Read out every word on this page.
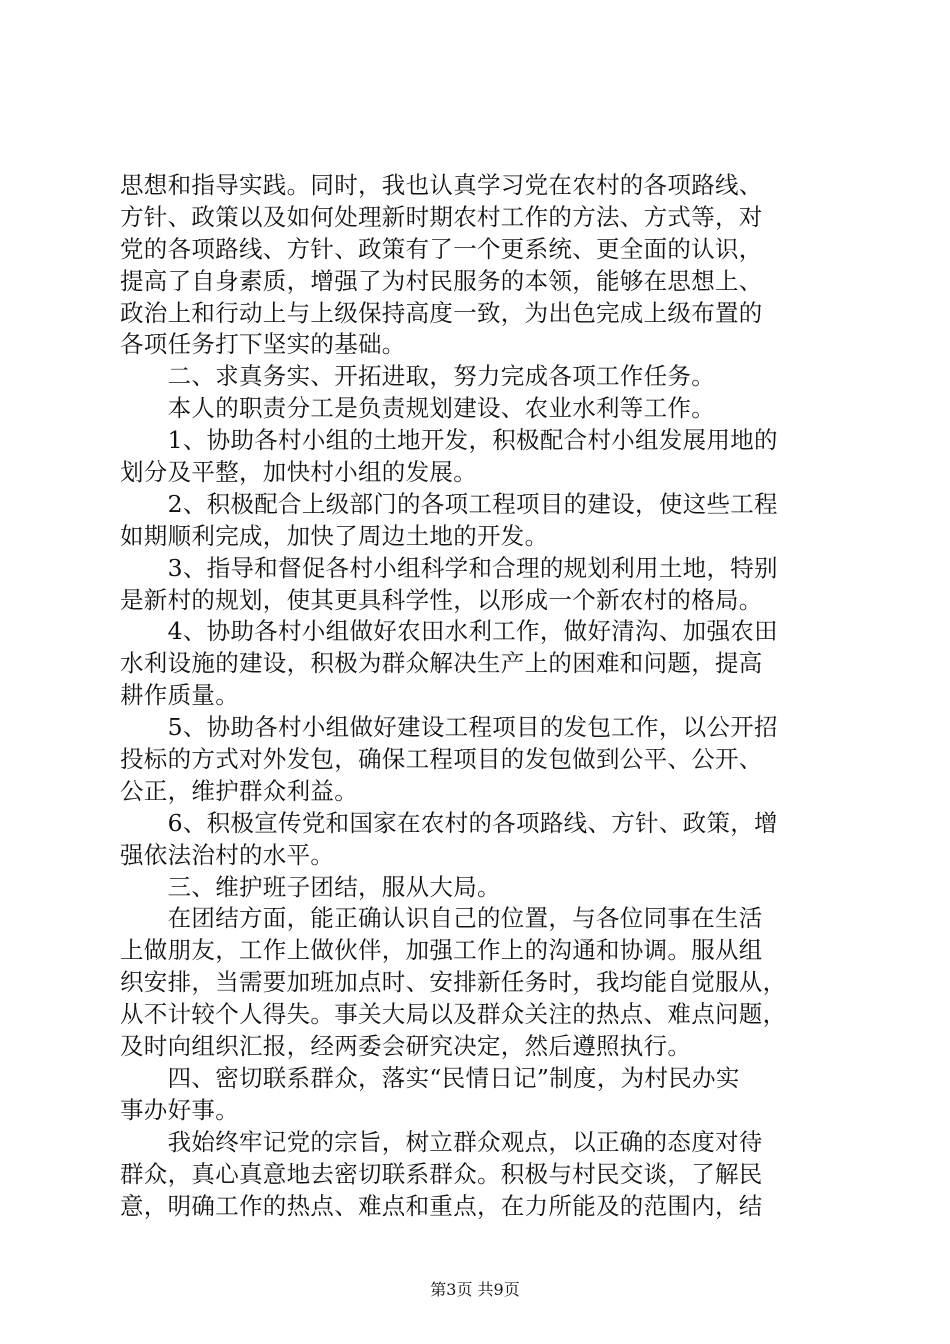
思想和指导实践。同时，我也认真学习党在农村的各项路线、
方针、政策以及如何处理新时期农村工作的方法、方式等，对
党的各项路线、方针、政策有了一个更系统、更全面的认识，
提高了自身素质，增强了为村民服务的本领，能够在思想上、
政治上和行动上与上级保持高度一致，为出色完成上级布置的
各项任务打下坚实的基础。
　　二、求真务实、开拓进取，努力完成各项工作任务。
　　本人的职责分工是负责规划建设、农业水利等工作。
　　1、协助各村小组的土地开发，积极配合村小组发展用地的
划分及平整，加快村小组的发展。
　　2、积极配合上级部门的各项工程项目的建设，使这些工程
如期顺利完成，加快了周边土地的开发。
　　3、指导和督促各村小组科学和合理的规划利用土地，特别
是新村的规划，使其更具科学性，以形成一个新农村的格局。
　　4、协助各村小组做好农田水利工作，做好清沟、加强农田
水利设施的建设，积极为群众解决生产上的困难和问题，提高
耕作质量。
　　5、协助各村小组做好建设工程项目的发包工作，以公开招
投标的方式对外发包，确保工程项目的发包做到公平、公开、
公正，维护群众利益。
　　6、积极宣传党和国家在农村的各项路线、方针、政策，增
强依法治村的水平。
　　三、维护班子团结，服从大局。
　　在团结方面，能正确认识自己的位置，与各位同事在生活
上做朋友，工作上做伙伴，加强工作上的沟通和协调。服从组
织安排，当需要加班加点时、安排新任务时，我均能自觉服从，
从不计较个人得失。事关大局以及群众关注的热点、难点问题，
及时向组织汇报，经两委会研究决定，然后遵照执行。
　　四、密切联系群众，落实“民情日记”制度，为村民办实
事办好事。
　　我始终牢记党的宗旨，树立群众观点，以正确的态度对待
群众，真心真意地去密切联系群众。积极与村民交谈，了解民
意，明确工作的热点、难点和重点，在力所能及的范围内，结
第3页 共9页
